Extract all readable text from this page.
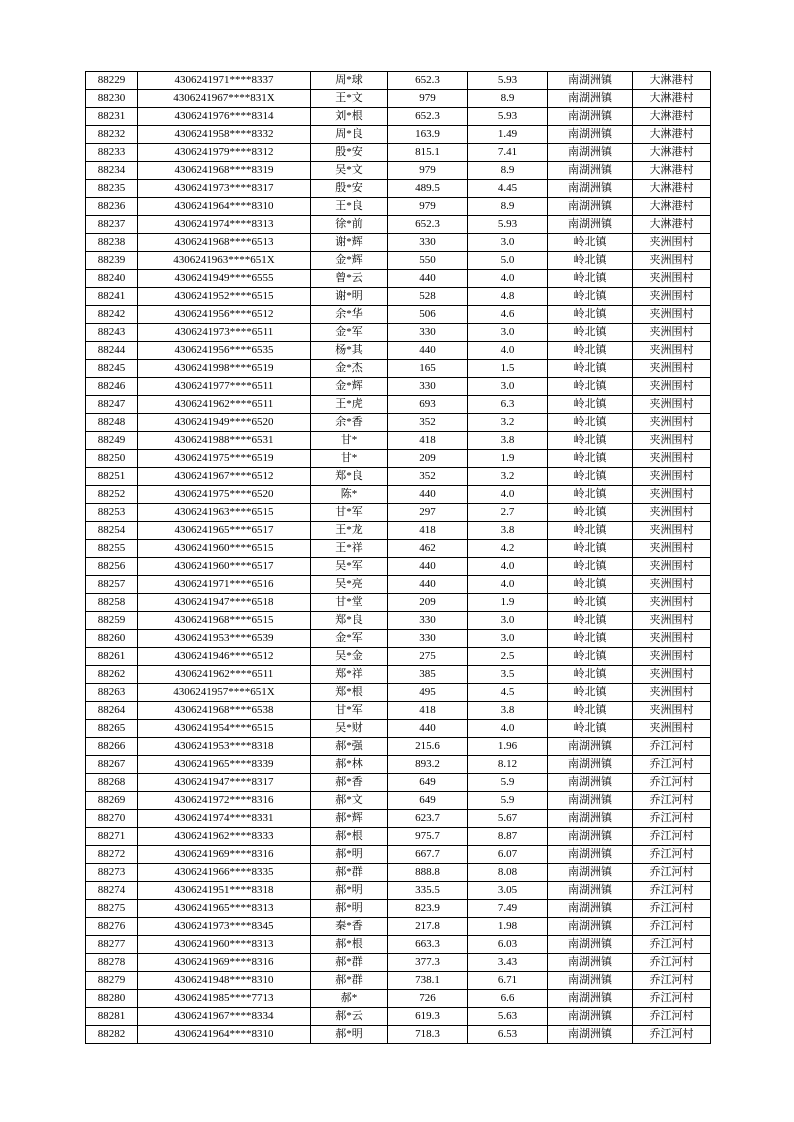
88229	4306241971****8337	周*球	652.3	5.93	南湖洲镇	大淋港村
88230	4306241967****831X	王*文	979	8.9	南湖洲镇	大淋港村
88231	4306241976****8314	刘*根	652.3	5.93	南湖洲镇	大淋港村
88232	4306241958****8332	周*良	163.9	1.49	南湖洲镇	大淋港村
88233	4306241979****8312	殷*安	815.1	7.41	南湖洲镇	大淋港村
88234	4306241968****8319	吴*文	979	8.9	南湖洲镇	大淋港村
88235	4306241973****8317	殷*安	489.5	4.45	南湖洲镇	大淋港村
88236	4306241964****8310	王*良	979	8.9	南湖洲镇	大淋港村
88237	4306241974****8313	徐*前	652.3	5.93	南湖洲镇	大淋港村
88238	4306241968****6513	谢*辉	330	3.0	岭北镇	夹洲围村
88239	4306241963****651X	金*辉	550	5.0	岭北镇	夹洲围村
88240	4306241949****6555	曾*云	440	4.0	岭北镇	夹洲围村
88241	4306241952****6515	谢*明	528	4.8	岭北镇	夹洲围村
88242	4306241956****6512	余*华	506	4.6	岭北镇	夹洲围村
88243	4306241973****6511	金*军	330	3.0	岭北镇	夹洲围村
88244	4306241956****6535	杨*其	440	4.0	岭北镇	夹洲围村
88245	4306241998****6519	金*杰	165	1.5	岭北镇	夹洲围村
88246	4306241977****6511	金*辉	330	3.0	岭北镇	夹洲围村
88247	4306241962****6511	王*虎	693	6.3	岭北镇	夹洲围村
88248	4306241949****6520	余*香	352	3.2	岭北镇	夹洲围村
88249	4306241988****6531	甘*	418	3.8	岭北镇	夹洲围村
88250	4306241975****6519	甘*	209	1.9	岭北镇	夹洲围村
88251	4306241967****6512	郑*良	352	3.2	岭北镇	夹洲围村
88252	4306241975****6520	陈*	440	4.0	岭北镇	夹洲围村
88253	4306241963****6515	甘*军	297	2.7	岭北镇	夹洲围村
88254	4306241965****6517	王*龙	418	3.8	岭北镇	夹洲围村
88255	4306241960****6515	王*祥	462	4.2	岭北镇	夹洲围村
88256	4306241960****6517	吴*军	440	4.0	岭北镇	夹洲围村
88257	4306241971****6516	吴*亮	440	4.0	岭北镇	夹洲围村
88258	4306241947****6518	甘*堂	209	1.9	岭北镇	夹洲围村
88259	4306241968****6515	郑*良	330	3.0	岭北镇	夹洲围村
88260	4306241953****6539	金*军	330	3.0	岭北镇	夹洲围村
88261	4306241946****6512	吴*金	275	2.5	岭北镇	夹洲围村
88262	4306241962****6511	郑*祥	385	3.5	岭北镇	夹洲围村
88263	4306241957****651X	郑*根	495	4.5	岭北镇	夹洲围村
88264	4306241968****6538	甘*军	418	3.8	岭北镇	夹洲围村
88265	4306241954****6515	吴*财	440	4.0	岭北镇	夹洲围村
88266	4306241953****8318	郝*强	215.6	1.96	南湖洲镇	乔江河村
88267	4306241965****8339	郝*林	893.2	8.12	南湖洲镇	乔江河村
88268	4306241947****8317	郝*香	649	5.9	南湖洲镇	乔江河村
88269	4306241972****8316	郝*文	649	5.9	南湖洲镇	乔江河村
88270	4306241974****8331	郝*辉	623.7	5.67	南湖洲镇	乔江河村
88271	4306241962****8333	郝*根	975.7	8.87	南湖洲镇	乔江河村
88272	4306241969****8316	郝*明	667.7	6.07	南湖洲镇	乔江河村
88273	4306241966****8335	郝*群	888.8	8.08	南湖洲镇	乔江河村
88274	4306241951****8318	郝*明	335.5	3.05	南湖洲镇	乔江河村
88275	4306241965****8313	郝*明	823.9	7.49	南湖洲镇	乔江河村
88276	4306241973****8345	秦*香	217.8	1.98	南湖洲镇	乔江河村
88277	4306241960****8313	郝*根	663.3	6.03	南湖洲镇	乔江河村
88278	4306241969****8316	郝*群	377.3	3.43	南湖洲镇	乔江河村
88279	4306241948****8310	郝*群	738.1	6.71	南湖洲镇	乔江河村
88280	4306241985****7713	郝*	726	6.6	南湖洲镇	乔江河村
88281	4306241967****8334	郝*云	619.3	5.63	南湖洲镇	乔江河村
88282	4306241964****8310	郝*明	718.3	6.53	南湖洲镇	乔江河村
